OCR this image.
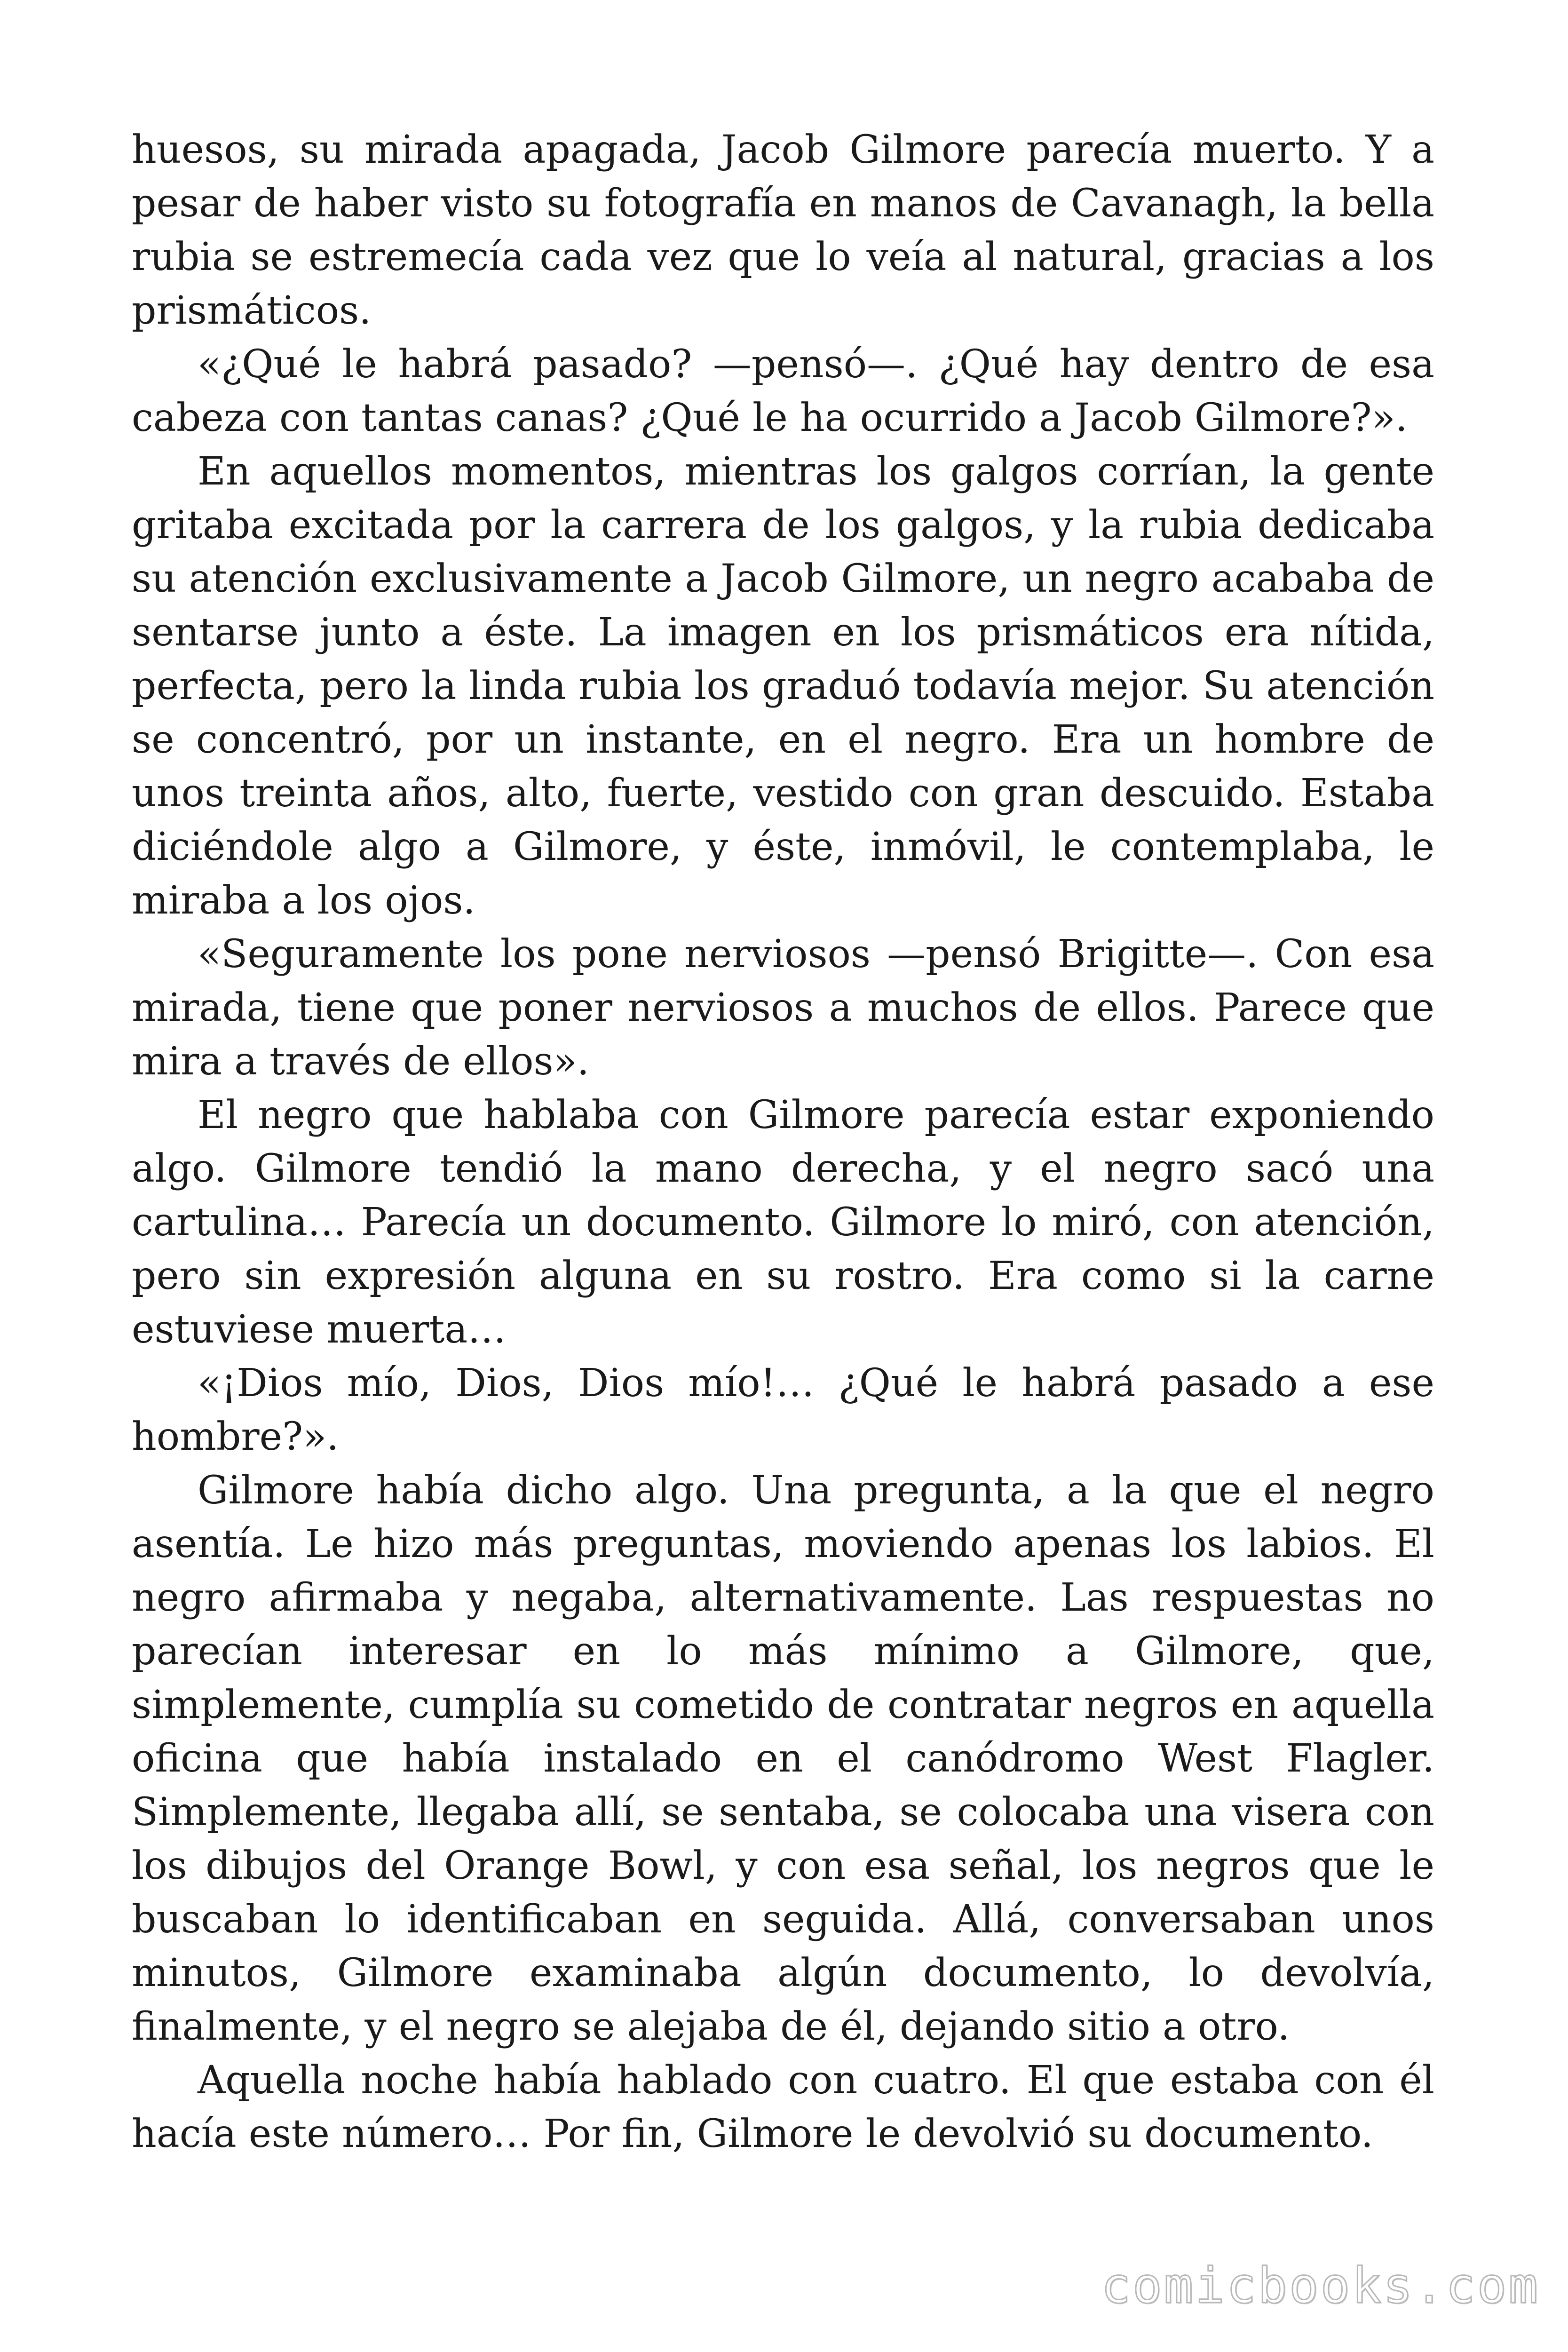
huesos, su mirada apagada, Jacob Gilmore parecía muerto. Y a pesar de haber visto su fotografía en manos de Cavanagh, la bella rubia se estremecía cada vez que lo veía al natural, gracias a los prismáticos.

«¿Qué le habrá pasado? —pensó—. ¿Qué hay dentro de esa cabeza con tantas canas? ¿Qué le ha ocurrido a Jacob Gilmore?».

En aquellos momentos, mientras los galgos corrían, la gente gritaba excitada por la carrera de los galgos, y la rubia dedicaba su atención exclusivamente a Jacob Gilmore, un negro acababa de sentarse junto a éste. La imagen en los prismáticos era nítida, perfecta, pero la linda rubia los graduó todavía mejor. Su atención se concentró, por un instante, en el negro. Era un hombre de unos treinta años, alto, fuerte, vestido con gran descuido. Estaba diciéndole algo a Gilmore, y éste, inmóvil, le contemplaba, le miraba a los ojos.

«Seguramente los pone nerviosos —pensó Brigitte—. Con esa mirada, tiene que poner nerviosos a muchos de ellos. Parece que mira a través de ellos».

El negro que hablaba con Gilmore parecía estar exponiendo algo. Gilmore tendió la mano derecha, y el negro sacó una cartulina… Parecía un documento. Gilmore lo miró, con atención, pero sin expresión alguna en su rostro. Era como si la carne estuviese muerta…

«¡Dios mío, Dios, Dios mío!… ¿Qué le habrá pasado a ese hombre?».

Gilmore había dicho algo. Una pregunta, a la que el negro asentía. Le hizo más preguntas, moviendo apenas los labios. El negro afirmaba y negaba, alternativamente. Las respuestas no parecían interesar en lo más mínimo a Gilmore, que, simplemente, cumplía su cometido de contratar negros en aquella oficina que había instalado en el canódromo West Flagler. Simplemente, llegaba allí, se sentaba, se colocaba una visera con los dibujos del Orange Bowl, y con esa señal, los negros que le buscaban lo identificaban en seguida. Allá, conversaban unos minutos, Gilmore examinaba algún documento, lo devolvía, finalmente, y el negro se alejaba de él, dejando sitio a otro.

Aquella noche había hablado con cuatro. El que estaba con él hacía este número… Por fin, Gilmore le devolvió su documento.

comicbooks.com
